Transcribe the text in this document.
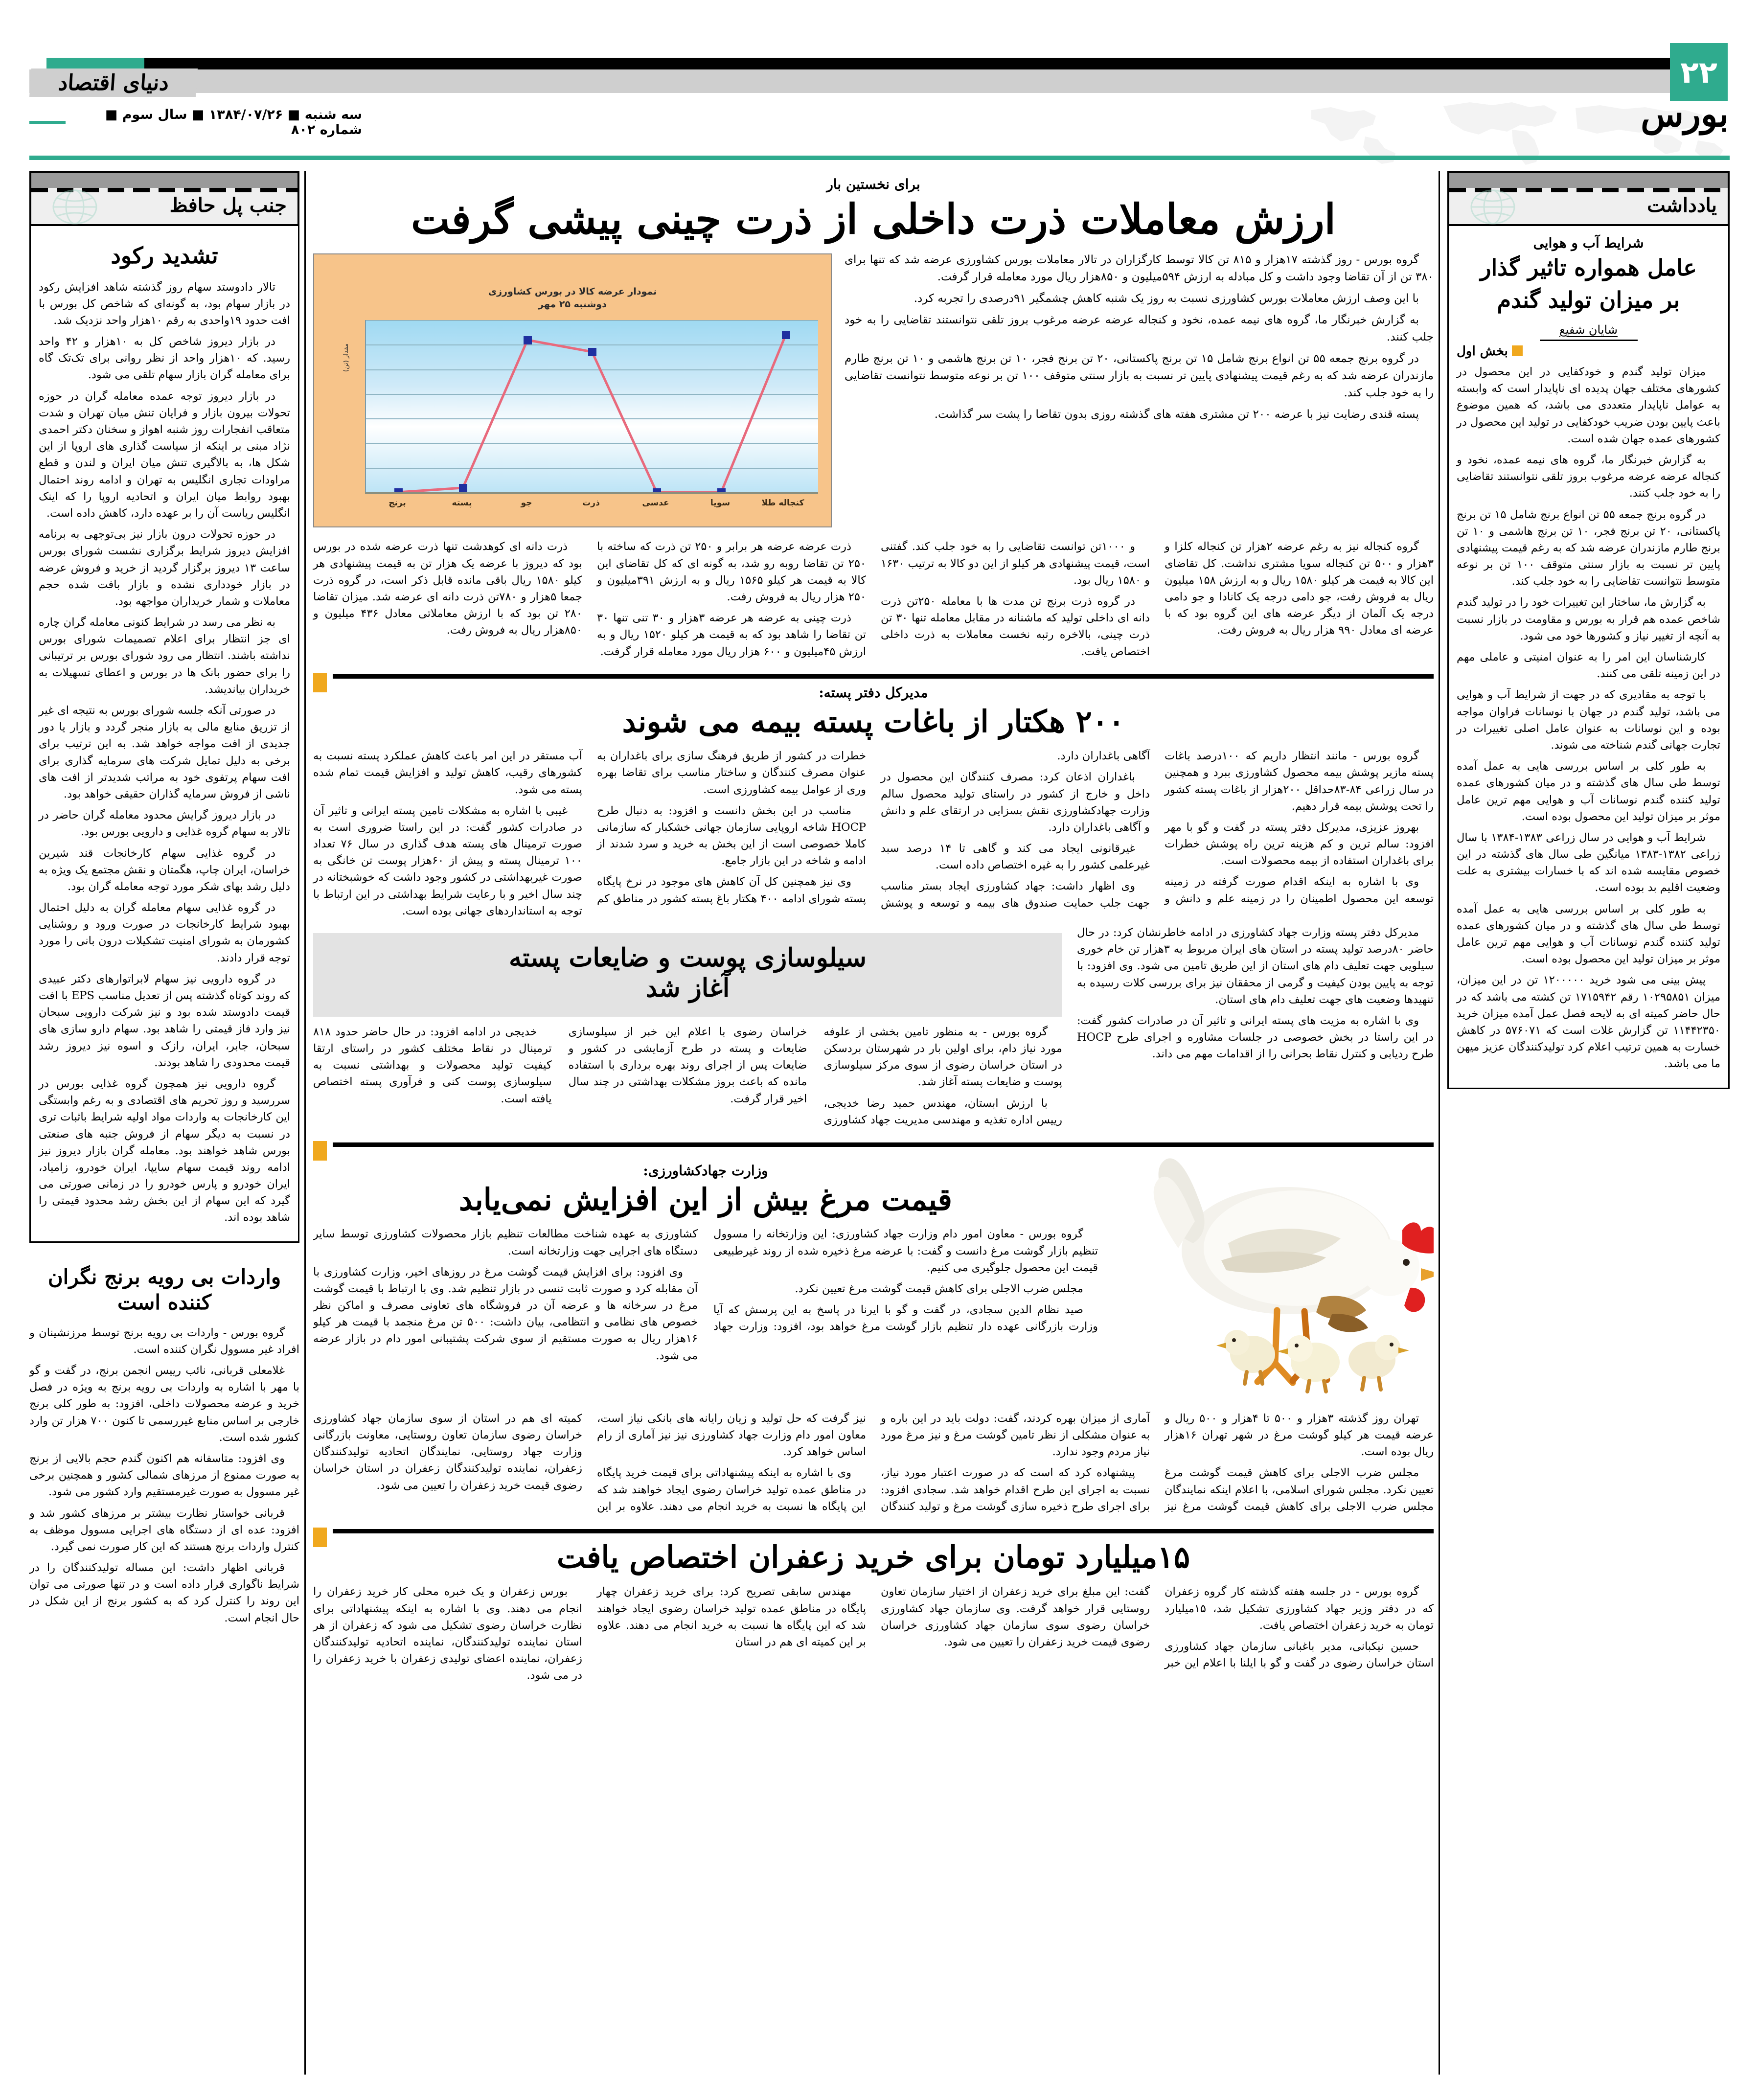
دنیای اقتصاد	۲۲
بورس
سه شنبه ■ ۱۳۸۴/۰۷/۲۶ ■ سال سوم ■ شماره ۸۰۲
جنب پل حافظ
تشدید رکود

تالار دادوستد سهام روز گذشته شاهد افزایش رکود در بازار سهام بود، به گونه‌ای که شاخص کل بورس با افت حدود ۱۹واحدی به رقم ۱۰هزار واحد نزدیک شد.

در بازار دیروز شاخص کل به ۱۰هزار و ۴۲ واحد رسید. که ۱۰هزار واحد از نظر روانی برای تک‌تک گاه برای معامله گران بازار سهام تلقی می شود.

در بازار دیروز توجه عمده معامله گران در حوزه تحولات بیرون بازار و فرایان تنش میان تهران و شدت متعاقب انفجارات روز شنبه اهواز و سخنان دکتر احمدی نژاد مبنی بر اینکه از سیاست گذاری های اروپا از این شکل ها، به بالاگیری تنش میان ایران و لندن و قطع مراودات تجاری انگلیس به تهران و ادامه روند احتمال بهبود روابط میان ایران و اتحادیه اروپا را که اینک انگلیس ریاست آن را بر عهده دارد، کاهش داده است.

در حوزه تحولات درون بازار نیز بی‌توجهی به برنامه افزایش دیروز شرایط برگزاری نشست شورای بورس ساعت ۱۳ دیروز برگزار گردید از خرید و فروش عرضه در بازار خودداری نشده و بازار بافت شده حجم معاملات و شمار خریداران مواجهه بود.

به نظر می رسد در شرایط کنونی معامله گران چاره ای جز انتظار برای اعلام تصمیمات شورای بورس نداشته باشند. انتظار می رود شورای بورس بر ترتیبانی را برای حضور بانک ها در بورس و اعطای تسهیلات به خریداران بیاندیشد.

در صورتی آنکه جلسه شورای بورس به نتیجه ای غیر از تزریق منابع مالی به بازار منجر گردد و بازار یا دور جدیدی از افت مواجه خواهد شد. به این ترتیب برای برخی به دلیل تمایل شرکت های سرمایه گذاری برای افت سهام پرتفوی خود به مراتب شدیدتر از افت های ناشی از فروش سرمایه گذاران حقیقی خواهد بود.

در بازار دیروز گرایش محدود معامله گران حاضر در تالار به سهام گروه غذایی و دارویی بورس بود.

در گروه غذایی سهام کارخانجات قند شیرین خراسان، ایران چاپ، هگمتان و نقش مجتمع یک ویژه به دلیل رشد بهای شکر مورد توجه معامله گران بود.

در گروه غذایی سهام معامله گران به دلیل احتمال بهبود شرایط کارخانجات در صورت ورود و روشنایی کشورمان به شورای امنیت تشکیلات درون بانی را مورد توجه قرار دادند.

در گروه دارویی نیز سهام لابراتوارهای دکتر عبیدی که روند کوتاه گذشته پس از تعدیل مناسب EPS با افت قیمت دادوستد شده بود و نیز شرکت دارویی سبحان نیز وارد فاز قیمتی را شاهد بود. سهام دارو سازی های سبحان، جابر، ایران، رازک و اسوه نیز دیروز رشد قیمت محدودی را شاهد بودند.

گروه دارویی نیز همچون گروه غذایی بورس در سررسید و روز تحریم های اقتصادی و به رغم وابستگی این کارخانجات به واردات مواد اولیه شرایط باثبات تری در نسبت به دیگر سهام از فروش جنبه های صنعتی بورس شاهد خواهند بود. معامله گران بازار دیروز نیز ادامه روند قیمت سهام سایپا، ایران خودرو، زامیاد، ایران خودرو و پارس خودرو را در زمانی صورتی می گیرد که این سهام از این بخش رشد محدود قیمتی را شاهد بوده اند.

واردات بی رویه برنج نگران کننده است

گروه بورس - واردات بی رویه برنج توسط مرزنشینان و افراد غیر مسوول نگران کننده است.

غلامعلی قربانی، نائب رییس انجمن برنج، در گفت و گو با مهر با اشاره به واردات بی رویه برنج به ویژه در فصل خرید و عرضه محصولات داخلی، افزود: به طور کلی برنج خارجی بر اساس منابع غیررسمی تا کنون ۷۰۰ هزار تن وارد کشور شده است.

وی افزود: متاسفانه هم اکنون گندم حجم بالایی از برنج به صورت ممنوع از مرزهای شمالی کشور و همچنین برخی غیر مسوول به صورت غیرمستقیم وارد کشور می شود.

قربانی خواستار نظارت بیشتر بر مرزهای کشور شد و افزود: عده ای از دستگاه های اجرایی مسوول موظف به کنترل واردات برنج هستند که این کار صورت نمی گیرد.

قربانی اظهار داشت: این مساله تولیدکنندگان را در شرایط ناگواری قرار داده است و در تنها صورتی می توان این روند را کنترل کرد که به کشور برنج از این شکل در حال انجام است.

یادداشت
شرایط آب و هوایی
عامل همواره تاثیر گذار
بر میزان تولید گندم
شایان شفیع
بخش اول

میزان تولید گندم و خودکفایی در این محصول در کشورهای مختلف جهان پدیده ای ناپایدار است که وابسته به عوامل ناپایدار متعددی می باشد، که همین موضوع باعث پایین بودن ضریب خودکفایی در تولید این محصول در کشورهای عمده جهان شده است.

به گزارش خبرنگار ما، گروه های نیمه عمده، نخود و کنجاله عرضه عرضه مرغوب بروز تلقی نتوانستند تقاضایی را به خود جلب کنند.

در گروه برنج جمعه ۵۵ تن انواع برنج شامل ۱۵ تن برنج پاکستانی، ۲۰ تن برنج فجر، ۱۰ تن برنج هاشمی و ۱۰ تن برنج طارم مازندران عرضه شد که به رغم قیمت پیشنهادی پایین تر نسبت به بازار سنتی متوقف ۱۰۰ تن بر نوعه متوسط نتوانست تقاضایی را به خود جلب کند.

به گزارش ما، ساختار این تغییرات خود را در تولید گندم شاخص عمده هم قرار به بورس و مقاومت در بازار نسبت به آنچه از تغییر نیاز و کشورها خود می شود.

کارشناسان این امر را به عنوان امنیتی و عاملی مهم در این زمینه تلقی می کنند.

با توجه به مقادیری که در جهت از شرایط آب و هوایی می باشد، تولید گندم در جهان با نوسانات فراوان مواجه بوده و این نوسانات به عنوان عامل اصلی تغییرات در تجارت جهانی گندم شناخته می شوند.

به طور کلی بر اساس بررسی هایی به عمل آمده توسط طی سال های گذشته و در میان کشورهای عمده تولید کننده گندم نوسانات آب و هوایی مهم ترین عامل موثر بر میزان تولید این محصول بوده است.

شرایط آب و هوایی در سال زراعی ۱۳۸۳-۱۳۸۴ با سال زراعی ۱۳۸۲-۱۳۸۳ میانگین طی سال های گذشته در این خصوص مقایسه شده اند که با خسارات بیشتری به علت وضعیت اقلیم بد بوده است.

به طور کلی بر اساس بررسی هایی به عمل آمده توسط طی سال های گذشته و در میان کشورهای عمده تولید کننده گندم نوسانات آب و هوایی مهم ترین عامل موثر بر میزان تولید این محصول بوده است.

پیش بینی می شود خرید ۱۲۰۰۰۰۰ تن در این میزان، میزان ۱۰۲۹۵۸۵۱ رقم ۱۷۱۵۹۴۲ تن کشته می باشد که در حال حاضر کمیته ای به لایحه فصل عمل آمده میزان خرید ۱۱۴۴۲۳۵۰ تن گزارش غلات است که ۵۷۶۰۷۱ در کاهش خسارت به همین ترتیب اعلام کرد تولیدکنندگان عزیز میهن ما می باشد.

برای نخستین بار
ارزش معاملات ذرت داخلی از ذرت چینی پیشی گرفت
نمودار عرضه کالا در بورس کشاورزی
دوشنبه ۲۵ مهر
مقدار (تن)
برنج	پسته	جو	ذرت	عدسی	سویا	کنجاله طلا

گروه بورس - روز گذشته ۱۷هزار و ۸۱۵ تن کالا توسط کارگزاران در تالار معاملات بورس کشاورزی عرضه شد که تنها برای ۳۸۰ تن از آن تقاضا وجود داشت و کل مبادله به ارزش ۵۹۴میلیون و ۸۵۰هزار ریال مورد معامله قرار گرفت.

با این وصف ارزش معاملات بورس کشاورزی نسبت به روز یک شنبه کاهش چشمگیر ۹۱درصدی را تجربه کرد.

به گزارش خبرنگار ما، گروه های نیمه عمده، نخود و کنجاله عرضه عرضه مرغوب بروز تلقی نتوانستند تقاضایی را به خود جلب کنند.

در گروه برنج جمعه ۵۵ تن انواع برنج شامل ۱۵ تن برنج پاکستانی، ۲۰ تن برنج فجر، ۱۰ تن برنج هاشمی و ۱۰ تن برنج طارم مازندران عرضه شد که به رغم قیمت پیشنهادی پایین تر نسبت به بازار سنتی متوقف ۱۰۰ تن بر نوعه متوسط نتوانست تقاضایی را به خود جلب کند.

پسته قندی رضایت نیز با عرضه ۲۰۰ تن مشتری هفته های گذشته روزی بدون تقاضا را پشت سر گذاشت.

گروه کنجاله نیز به رغم عرضه ۲هزار تن کنجاله کلزا و ۳هزار و ۵۰۰ تن کنجاله سویا مشتری نداشت. کل تقاضای این کالا به قیمت هر کیلو ۱۵۸۰ ریال و به ارزش ۱۵۸ میلیون ریال به فروش رفت، جو دامی درجه یک کانادا و جو دامی درجه یک آلمان از دیگر عرضه های این گروه بود که با عرضه ای معادل ۹۹۰ هزار ریال به فروش رفت.

و ۱۰۰۰تن توانست تقاضایی را به خود جلب کند. گفتنی است، قیمت پیشنهادی هر کیلو از این دو کالا به ترتیب ۱۶۳۰ و ۱۵۸۰ ریال بود.

در گروه ذرت برنج تن مدت ها با معامله ۲۵۰تن ذرت دانه ای داخلی تولید که ماشنانه در مقابل معامله تنها ۳۰ تن ذرت چینی، بالاخره رتبه نخست معاملات به ذرت داخلی اختصاص یافت.

ذرت عرضه عرضه هر برابر و ۲۵۰ تن ذرت که ساخته با ۲۵۰ تن تقاضا روبه رو شد، به گونه ای که کل تقاضای این کالا به قیمت هر کیلو ۱۵۶۵ ریال و به ارزش ۳۹۱میلیون و ۲۵۰ هزار ریال به فروش رفت.

ذرت چینی به عرضه هر عرضه ۳هزار و ۳۰ تنی تنها ۳۰ تن تقاضا را شاهد بود که به قیمت هر کیلو ۱۵۲۰ ریال و به ارزش ۴۵میلیون و ۶۰۰ هزار ریال مورد معامله قرار گرفت.

ذرت دانه ای کوهدشت تنها ذرت عرضه شده در بورس بود که دیروز با عرضه یک هزار تن به قیمت پیشنهادی هر کیلو ۱۵۸۰ ریال باقی مانده قابل ذکر است، در گروه ذرت جمعا ۵هزار و ۷۸۰تن ذرت دانه ای عرضه شد. میزان تقاضا ۲۸۰ تن بود که با ارزش معاملاتی معادل ۴۳۶ میلیون و ۸۵۰هزار ریال به فروش رفت.

مدیرکل دفتر پسته:
۲۰۰ هکتار از باغات پسته بیمه می شوند

گروه بورس - مانند انتظار داریم که ۱۰۰درصد باغات پسته مازیر پوشش بیمه محصول کشاورزی ببرد و همچنین در سال زراعی ۸۴-۸۳حداقل ۲۰۰هزار از باغات پسته کشور را تحت پوشش بیمه قرار دهیم.

بهروز عزیزی، مدیرکل دفتر پسته در گفت و گو با مهر افزود: سالم ترین و کم هزینه ترین راه پوشش خطرات برای باغداران استفاده از بیمه محصولات است.

وی با اشاره به اینکه اقدام صورت گرفته در زمینه توسعه این محصول اطمینان را در زمینه علم و دانش و آگاهی باغداران دارد.

باغداران اذعان کرد: مصرف کنندگان این محصول در داخل و خارج از کشور در راستای تولید محصول سالم وزارت جهادکشاورزی نقش بسزایی در ارتقای علم و دانش و آگاهی باغداران دارد.

غیرقانونی ایجاد می کند و گاهی تا ۱۴ درصد سبد غیرعلمی کشور را به غیره اختصاص داده است.

وی اظهار داشت: جهاد کشاورزی ایجاد بستر مناسب جهت جلب حمایت صندوق های بیمه و توسعه و پوشش خطرات در کشور از طریق فرهنگ سازی برای باغداران به عنوان مصرف کنندگان و ساختار مناسب برای تقاضا بهره وری از عوامل بیمه کشاورزی است.

مناسب در این بخش دانست و افزود: به دنبال طرح HOCP شاخه اروپایی سازمان جهانی خشکبار که سازمانی کاملا خصوصی است از این بخش به خرید و سرد شدند از ادامه و شاخه در این بازار جامع.

وی نیز همچنین کل آن کاهش های موجود در نرخ پایگاه پسته شورای ادامه ۴۰۰ هکتار باغ پسته کشور در مناطق کم آب مستقر در این امر باعث کاهش عملکرد پسته نسبت به کشورهای رقیب، کاهش تولید و افزایش قیمت تمام شده پسته می شود.

غیبی با اشاره به مشکلات تامین پسته ایرانی و تاثیر آن در صادرات کشور گفت: در این راستا ضروری است به صورت ترمینال های پسته هدف گذاری در سال ۷۶ تعداد ۱۰۰ ترمینال پسته و پیش از ۶۰هزار پوست تن خانگی به صورت غیربهداشتی در کشور وجود داشت که خوشبختانه در چند سال اخیر و با رعایت شرایط بهداشتی در این ارتباط با توجه به استانداردهای جهانی بوده است.

مدیرکل دفتر پسته وزارت جهاد کشاورزی در ادامه خاطرنشان کرد: در حال حاضر ۸۰درصد تولید پسته در استان های ایران مربوط به ۳هزار تن خام خوری سیلویی جهت تعلیف دام های استان از این طریق تامین می شود. وی افزود: با توجه به پایین بودن کیفیت و گرمی از محققان نیز برای بررسی کلات رسیده به تنهیدها وضعیت های جهت تعلیف دام های استان.

وی با اشاره به مزیت های پسته ایرانی و تاثیر آن در صادرات کشور گفت: در این راستا در بخش خصوصی در جلسات مشاوره و اجرای طرح HOCP طرح ردیابی و کنترل نقاط بحرانی را از اقدامات مهم می داند.

سیلوسازی پوست و ضایعات پسته
آغاز شد

گروه بورس - به منظور تامین بخشی از علوفه مورد نیاز دام، برای اولین بار در شهرستان بردسکن در استان خراسان رضوی از سوی مرکز سیلوسازی پوست و ضایعات پسته آغاز شد.

با ارزش ابستان، مهندس حمید رضا خدیجی، رییس اداره تغذیه و مهندسی مدیریت جهاد کشاورزی خراسان رضوی با اعلام این خبر از سیلوسازی ضایعات و پسته در طرح آزمایشی در کشور و ضایعات پس از اجرای روند بهره برداری با استفاده مانده که باعث بروز مشکلات بهداشتی در چند سال اخیر قرار گرفت.

خدیجی در ادامه افزود: در حال حاضر حدود ۸۱۸ ترمینال در نقاط مختلف کشور در راستای ارتقا کیفیت تولید محصولات و بهداشتی نسبت به سیلوسازی پوست کنی و فرآوری پسته اختصاص یافته است.

وزارت جهادکشاورزی:
قیمت مرغ بیش از این افزایش نمی‌یابد

گروه بورس - معاون امور دام وزارت جهاد کشاورزی: این وزارتخانه را مسوول تنظیم بازار گوشت مرغ دانست و گفت: با عرضه مرغ ذخیره شده از روند غیرطبیعی قیمت این محصول جلوگیری می کنیم.

مجلس ضرب الاجلی برای کاهش قیمت گوشت مرغ تعیین نکرد.

صید نظام الدین سجادی، در گفت و گو با ایرنا در پاسخ به این پرسش که آیا وزارت بازرگانی عهده دار تنظیم بازار گوشت مرغ خواهد بود، افزود: وزارت جهاد کشاورزی به عهده شناخت مطالعات تنظیم بازار محصولات کشاورزی توسط سایر دستگاه های اجرایی جهت وزارتخانه است.

وی افزود: برای افزایش قیمت گوشت مرغ در روزهای اخیر، وزارت کشاورزی با آن مقابله کرد و صورت ثابت تنسی در بازار تنظیم شد. وی با ارتباط با قیمت گوشت مرغ در سرخانه ها و عرضه آن در فروشگاه های تعاونی مصرف و اماکن نظر خصوص های نظامی و انتظامی، بیان داشت: ۵۰۰ تن مرغ منجمد با قیمت هر کیلو ۱۶هزار ریال به صورت مستقیم از سوی شرکت پشتیبانی امور دام در بازار عرضه می شود.

تهران روز گذشته ۳هزار و ۵۰۰ تا ۴هزار و ۵۰۰ ریال و عرضه قیمت هر کیلو گوشت مرغ در شهر تهران ۱۶هزار ریال بوده است.

مجلس ضرب الاجلی برای کاهش قیمت گوشت مرغ تعیین نکرد. مجلس شورای اسلامی، با اعلام اینکه نمایندگان مجلس ضرب الاجلی برای کاهش قیمت گوشت مرغ نیز آماری از میزان بهره کردند، گفت: دولت باید در این باره و به عنوان مشکلی از نظر تامین گوشت مرغ و نیز مرغ مورد نیاز مردم وجود ندارد.

پیشنهاده کرد که است که در صورت اعتبار مورد نیاز، نسبت به اجرای این طرح اقدام خواهد شد. سجادی افزود: برای اجرای طرح ذخیره سازی گوشت مرغ و تولید کنندگان نیز گرفت که حل تولید و زیان رایانه های بانکی نیاز است، معاون امور دام وزارت جهاد کشاورزی نیز نیز آماری از رام اساس خواهد کرد.

وی با اشاره به اینکه پیشنهاداتی برای قیمت خرید پایگاه در مناطق عمده تولید خراسان رضوی ایجاد خواهند شد که این پایگاه ها نسبت به خرید انجام می دهند. علاوه بر این کمیته ای هم در استان از سوی سازمان جهاد کشاورزی خراسان رضوی سازمان تعاون روستایی، معاونت بازرگانی وزارت جهاد روستایی، نمایندگان اتحادیه تولیدکنندگان زعفران، نماینده تولیدکنندگان زعفران در استان خراسان رضوی قیمت خرید زعفران را تعیین می شود.

۱۵میلیارد تومان برای خرید زعفران اختصاص یافت

گروه بورس - در جلسه هفته گذشته کار گروه زعفران که در دفتر وزیر جهاد کشاورزی تشکیل شد، ۱۵میلیارد تومان به خرید زعفران اختصاص یافت.

حسین نیکبانی، مدیر باغبانی سازمان جهاد کشاورزی استان خراسان رضوی در گفت و گو با ایلنا با اعلام این خبر گفت: این مبلغ برای خرید زعفران از اختیار سازمان تعاون روستایی قرار خواهد گرفت. وی سازمان جهاد کشاورزی خراسان رضوی سوی سازمان جهاد کشاورزی خراسان رضوی قیمت خرید زعفران را تعیین می شود.

مهندس سابقی تصریح کرد: برای خرید زعفران چهار پایگاه در مناطق عمده تولید خراسان رضوی ایجاد خواهند شد که این پایگاه ها نسبت به خرید انجام می دهند. علاوه بر این کمیته ای هم در استان

بورس زعفران و یک خبره محلی کار خرید زعفران را انجام می دهند. وی با اشاره به اینکه پیشنهاداتی برای نظارت خراسان رضوی تشکیل می شود که زعفران از هر استان نماینده تولیدکنندگان، نماینده اتحادیه تولیدکنندگان زعفران، نماینده اعضای تولیدی زعفران با خرید زعفران را در می شود.
